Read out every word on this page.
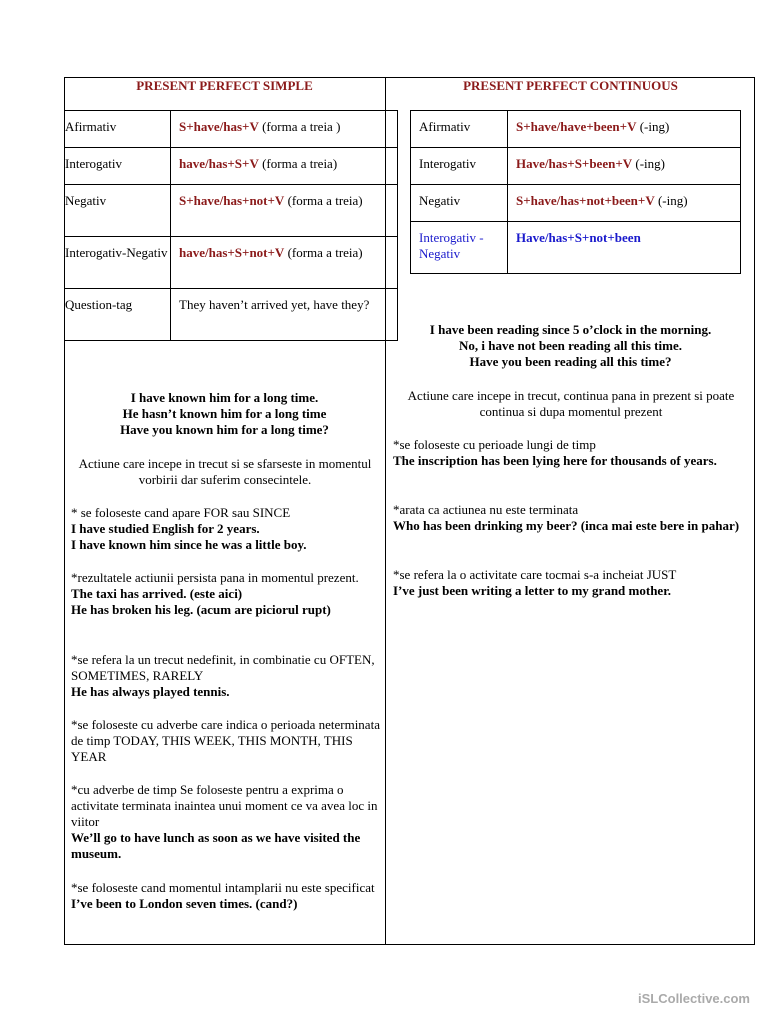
PRESENT PERFECT SIMPLE	PRESENT PERFECT CONTINUOUS
Afirmativ	S+have/has+V (forma a treia )
Interogativ	have/has+S+V (forma a treia)
Negativ	S+have/has+not+V (forma a treia)
Interogativ-Negativ	have/has+S+not+V (forma a treia)
Question-tag	They haven’t arrived yet, have they?
Afirmativ	S+have/have+been+V (-ing)
Interogativ	Have/has+S+been+V (-ing)
Negativ	S+have/has+not+been+V (-ing)
Interogativ -Negativ	Have/has+S+not+been
I have known him for a long time.
He hasn’t known him for a long time
Have you known him for a long time?
Actiune care incepe in trecut si se sfarseste in momentul vorbirii dar suferim consecintele.
* se foloseste cand apare FOR sau SINCE
I have studied English for 2 years.
I have known him since he was a little boy.
*rezultatele actiunii persista pana in momentul prezent.
The taxi has arrived. (este aici)
He has broken his leg. (acum are piciorul rupt)
*se refera la un trecut nedefinit, in combinatie cu OFTEN, SOMETIMES, RARELY
He has always played tennis.
*se foloseste cu adverbe care indica o perioada neterminata de timp TODAY, THIS WEEK, THIS MONTH, THIS YEAR
*cu adverbe de timp Se foloseste pentru a exprima o activitate terminata inaintea unui moment ce va avea loc in viitor
We’ll go to have lunch as soon as we have visited the museum.
*se foloseste cand momentul intamplarii nu este specificat
I’ve been to London seven times. (cand?)
I have been reading since 5 o’clock in the morning.
No, i have not been reading all this time.
Have you been reading all this time?
Actiune care incepe in trecut, continua pana in prezent si poate continua si dupa momentul prezent
*se foloseste cu perioade lungi de timp
The inscription has been lying here for thousands of years.
*arata ca actiunea nu este terminata
Who has been drinking my beer? (inca mai este bere in pahar)
*se refera la o activitate care tocmai s-a incheiat JUST
I’ve just been writing a letter to my grand mother.
iSLCollective.com
